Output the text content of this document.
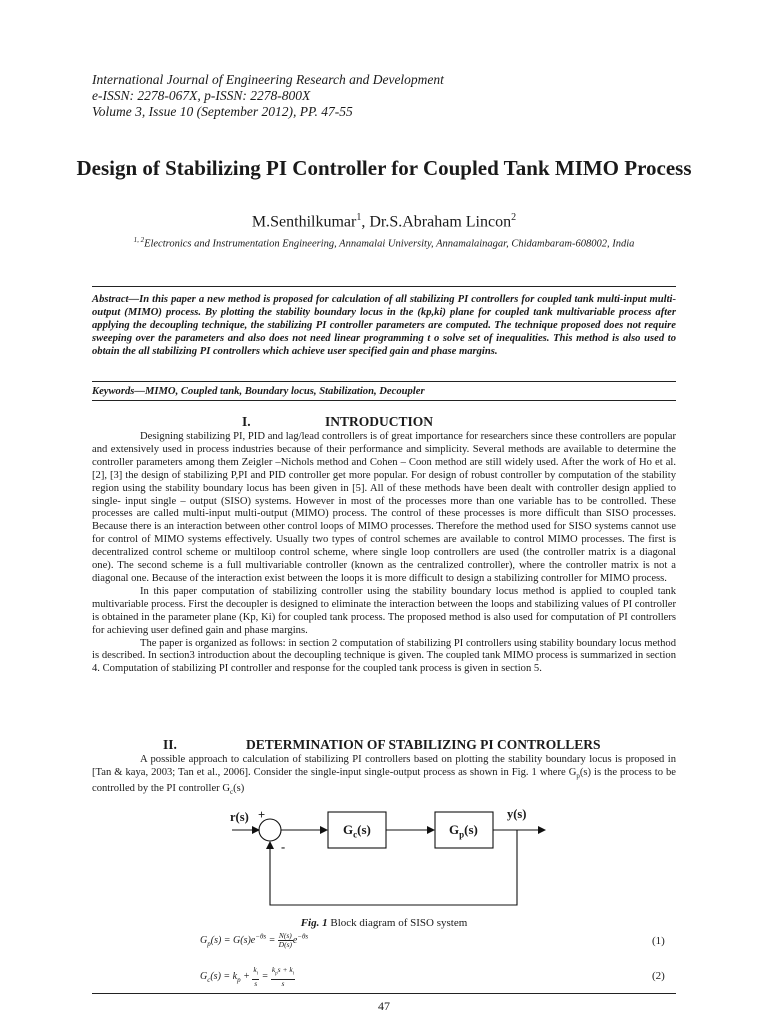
International Journal of Engineering Research and Development
e-ISSN: 2278-067X, p-ISSN: 2278-800X
Volume 3, Issue 10 (September 2012), PP. 47-55
Design of Stabilizing PI Controller for Coupled Tank MIMO Process
M.Senthilkumar$^1$, Dr.S.Abraham Lincon$^2$
$^{1, 2}$Electronics and Instrumentation Engineering, Annamalai University, Annamalainagar, Chidambaram-608002, India
Abstract—In this paper a new method is proposed for calculation of all stabilizing PI controllers for coupled tank multi-input multi-output (MIMO) process. By plotting the stability boundary locus in the (kp,ki) plane for coupled tank multivariable process after applying the decoupling technique, the stabilizing PI controller parameters are computed. The technique proposed does not require sweeping over the parameters and also does not need linear programming t o solve set of inequalities. This method is also used to obtain the all stabilizing PI controllers which achieve user specified gain and phase margins.
Keywords—MIMO, Coupled tank, Boundary locus, Stabilization, Decoupler
I.	INTRODUCTION

Designing stabilizing PI, PID and lag/lead controllers is of great importance for researchers since these controllers are popular and extensively used in process industries because of their performance and simplicity. Several methods are available to determine the controller parameters among them Zeigler –Nichols method and Cohen – Coon method are still widely used. After the work of Ho et al. [2], [3] the design of stabilizing P,PI and PID controller get more popular. For design of robust controller by computation of the stability region using the stability boundary locus has been given in [5]. All of these methods have been dealt with controller design applied to single- input single – output (SISO) systems. However in most of the processes more than one variable has to be controlled. These processes are called multi-input multi-output (MIMO) process. The control of these processes is more difficult than SISO processes. Because there is an interaction between other control loops of MIMO processes. Therefore the method used for SISO systems cannot use for control of MIMO systems effectively. Usually two types of control schemes are available to control MIMO processes. The first is decentralized control scheme or multiloop control scheme, where single loop controllers are used (the controller matrix is a diagonal one). The second scheme is a full multivariable controller (known as the centralized controller), where the controller matrix is not a diagonal one. Because of the interaction exist between the loops it is more difficult to design a stabilizing controller for MIMO process.

In this paper computation of stabilizing controller using the stability boundary locus method is applied to coupled tank multivariable process. First the decoupler is designed to eliminate the interaction between the loops and stabilizing values of PI controller is obtained in the parameter plane (Kp, Ki) for coupled tank process. The proposed method is also used for computation of PI controllers for achieving user defined gain and phase margins.

The paper is organized as follows: in section 2 computation of stabilizing PI controllers using stability boundary locus method is described. In section3 introduction about the decoupling technique is given. The coupled tank MIMO process is summarized in section 4. Computation of stabilizing PI controller and response for the coupled tank process is given in section 5.

II.	DETERMINATION OF STABILIZING PI CONTROLLERS

A possible approach to calculation of stabilizing PI controllers based on plotting the stability boundary locus is proposed in [Tan & kaya, 2003; Tan et al., 2006]. Consider the single-input single-output process as shown in Fig. 1 where $G_p(s)$ is the process to be controlled by the PI controller $G_c(s)$

r(s) +
-
$G_c(s)$	$G_p(s)$
y(s)
Fig. 1 Block diagram of SISO system
$G_p(s) = G(s)e^{-\theta s} = \frac{N(s)}{D(s)} e^{-\theta s}$	(1)
$G_c(s) = k_p + \frac{k_i}{s} = \frac{k_ps + k_i}{s}$	(2)
47
